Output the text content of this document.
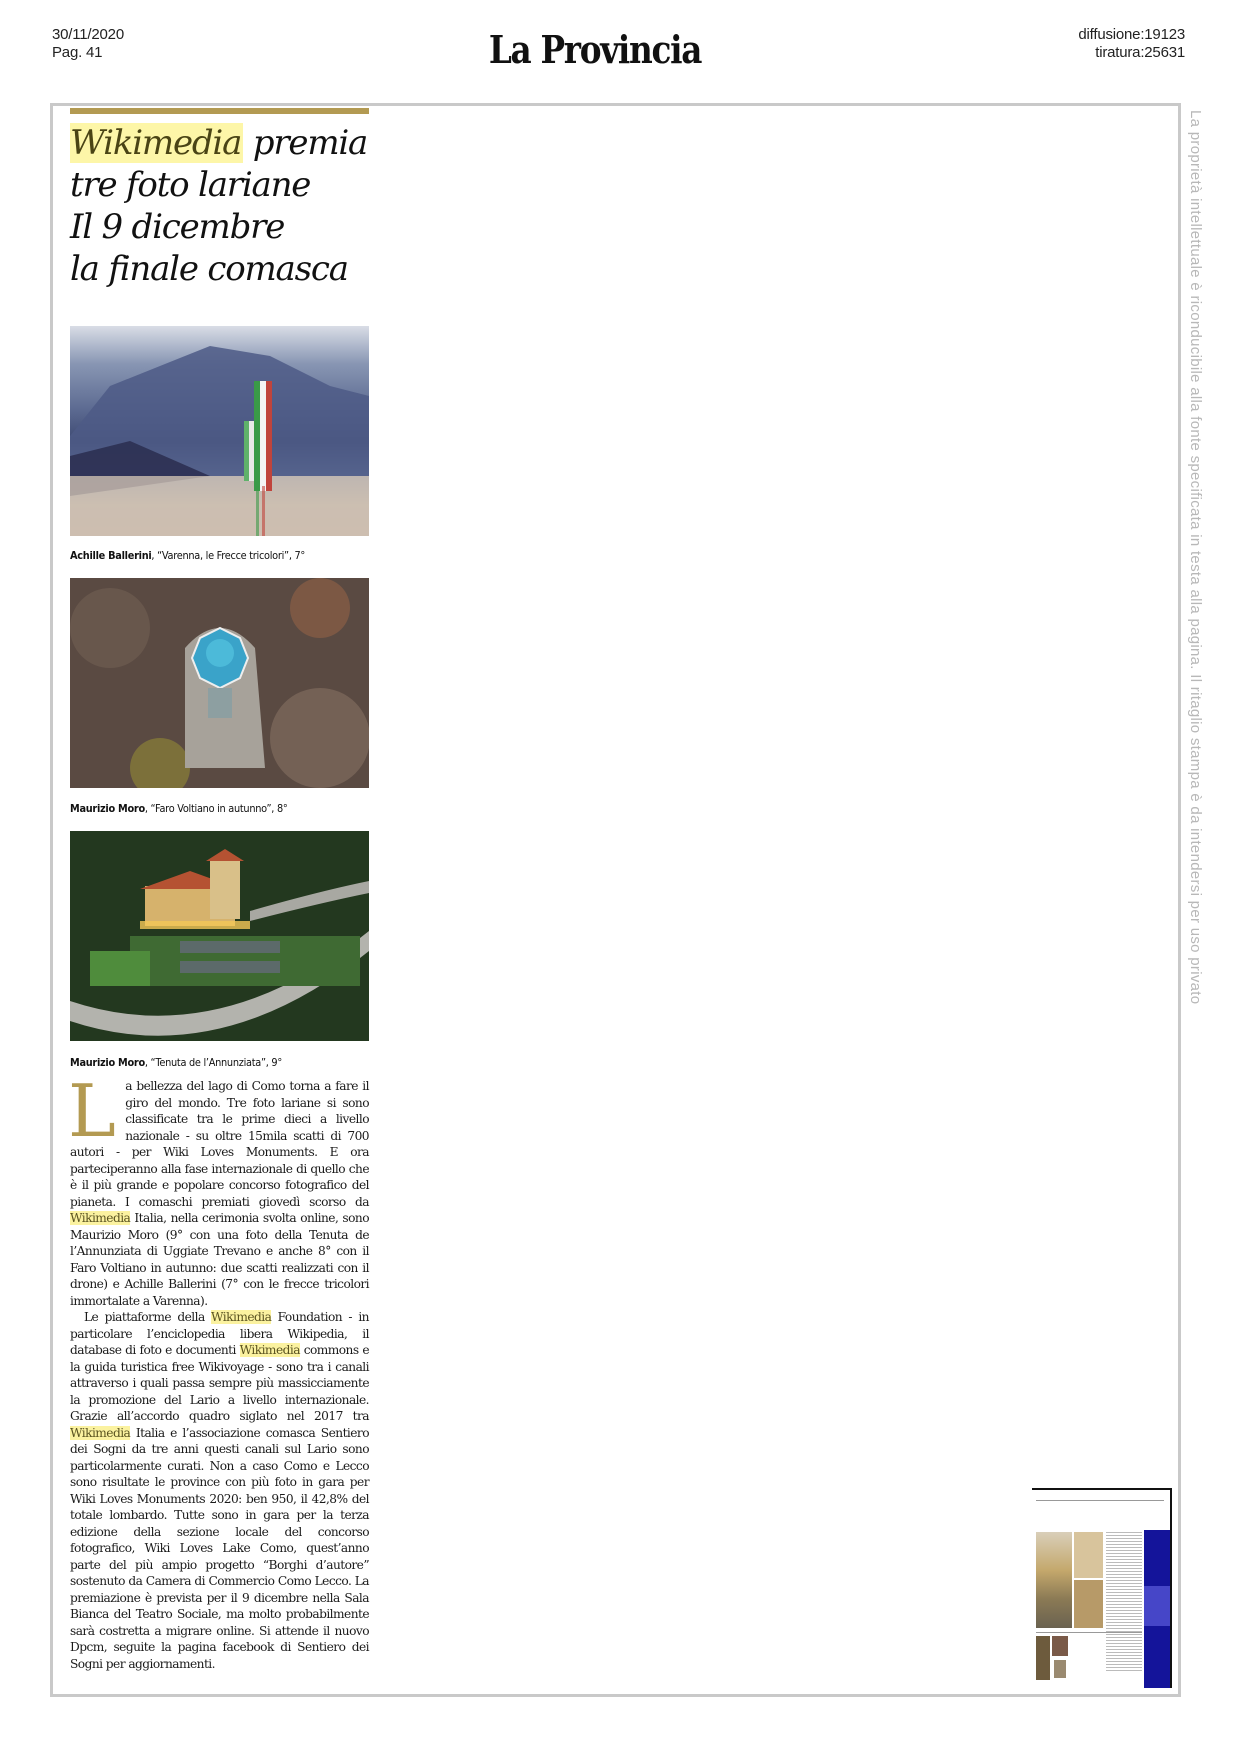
30/11/2020
Pag. 41	La Provincia	diffusione:19123
tiratura:25631
La proprietà intellettuale è riconducibile alla fonte specificata in testa alla pagina. Il ritaglio stampa è da intendersi per uso privato
Wikimedia premia
tre foto lariane
Il 9 dicembre
la finale comasca
Achille Ballerini, “Varenna, le Frecce tricolori”, 7°
Maurizio Moro, “Faro Voltiano in autunno”, 8°
Maurizio Moro, “Tenuta de l’Annunziata”, 9°

La bellezza del lago di Como torna a fare il giro del mondo. Tre foto lariane si sono classificate tra le prime dieci a livello nazionale - su oltre 15mila scatti di 700 autori - per Wiki Loves Monuments. E ora parteciperanno alla fase internazionale di quello che è il più grande e popolare concorso fotografico del pianeta. I comaschi premiati giovedì scorso da Wikimedia Italia, nella cerimonia svolta online, sono Maurizio Moro (9° con una foto della Tenuta de l’Annunziata di Uggiate Trevano e anche 8° con il Faro Voltiano in autunno: due scatti realizzati con il drone) e Achille Ballerini (7° con le frecce tricolori immortalate a Varenna).

Le piattaforme della Wikimedia Foundation - in particolare l’enciclopedia libera Wikipedia, il database di foto e documenti Wikimedia commons e la guida turistica free Wikivoyage - sono tra i canali attraverso i quali passa sempre più massicciamente la promozione del Lario a livello internazionale. Grazie all’accordo quadro siglato nel 2017 tra Wikimedia Italia e l’associazione comasca Sentiero dei Sogni da tre anni questi canali sul Lario sono particolarmente curati. Non a caso Como e Lecco sono risultate le province con più foto in gara per Wiki Loves Monuments 2020: ben 950, il 42,8% del totale lombardo. Tutte sono in gara per la terza edizione della sezione locale del concorso fotografico, Wiki Loves Lake Como, quest’anno parte del più ampio progetto “Borghi d’autore” sostenuto da Camera di Commercio Como Lecco. La premiazione è prevista per il 9 dicembre nella Sala Bianca del Teatro Sociale, ma molto probabilmente sarà costretta a migrare online. Si attende il nuovo Dpcm, seguite la pagina facebook di Sentiero dei Sogni per aggiornamenti.
